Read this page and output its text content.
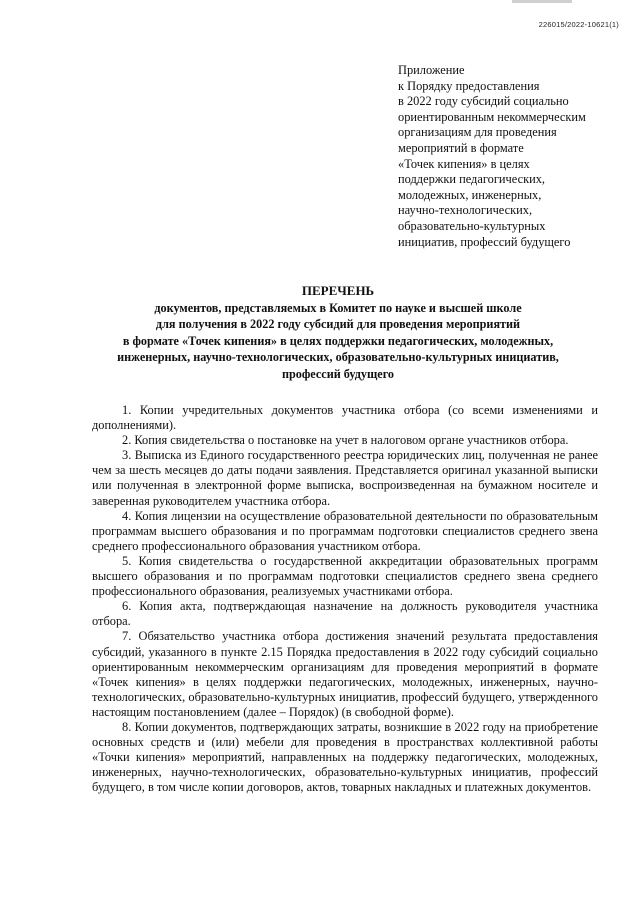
226015/2022-10621(1)
Приложение
к Порядку предоставления
в 2022 году субсидий социально
ориентированным некоммерческим
организациям для проведения
мероприятий в формате
«Точек кипения» в целях
поддержки педагогических,
молодежных, инженерных,
научно-технологических,
образовательно-культурных
инициатив, профессий будущего
ПЕРЕЧЕНЬ
документов, представляемых в Комитет по науке и высшей школе
для получения в 2022 году субсидий для проведения мероприятий
в формате «Точек кипения» в целях поддержки педагогических, молодежных,
инженерных, научно-технологических, образовательно-культурных инициатив,
профессий будущего

1. Копии учредительных документов участника отбора (со всеми изменениями и дополнениями).

2. Копия свидетельства о постановке на учет в налоговом органе участников отбора.

3. Выписка из Единого государственного реестра юридических лиц, полученная не ранее чем за шесть месяцев до даты подачи заявления. Представляется оригинал указанной выписки или полученная в электронной форме выписка, воспроизведенная на бумажном носителе и заверенная руководителем участника отбора.

4. Копия лицензии на осуществление образовательной деятельности по образовательным программам высшего образования и по программам подготовки специалистов среднего звена среднего профессионального образования участником отбора.

5. Копия свидетельства о государственной аккредитации образовательных программ высшего образования и по программам подготовки специалистов среднего звена среднего профессионального образования, реализуемых участниками отбора.

6. Копия акта, подтверждающая назначение на должность руководителя участника отбора.

7. Обязательство участника отбора достижения значений результата предоставления субсидий, указанного в пункте 2.15 Порядка предоставления в 2022 году субсидий социально ориентированным некоммерческим организациям для проведения мероприятий в формате «Точек кипения» в целях поддержки педагогических, молодежных, инженерных, научно-технологических, образовательно-культурных инициатив, профессий будущего, утвержденного настоящим постановлением (далее – Порядок) (в свободной форме).

8. Копии документов, подтверждающих затраты, возникшие в 2022 году на приобретение основных средств и (или) мебели для проведения в пространствах коллективной работы «Точки кипения» мероприятий, направленных на поддержку педагогических, молодежных, инженерных, научно-технологических, образовательно-культурных инициатив, профессий будущего, в том числе копии договоров, актов, товарных накладных и платежных документов.
